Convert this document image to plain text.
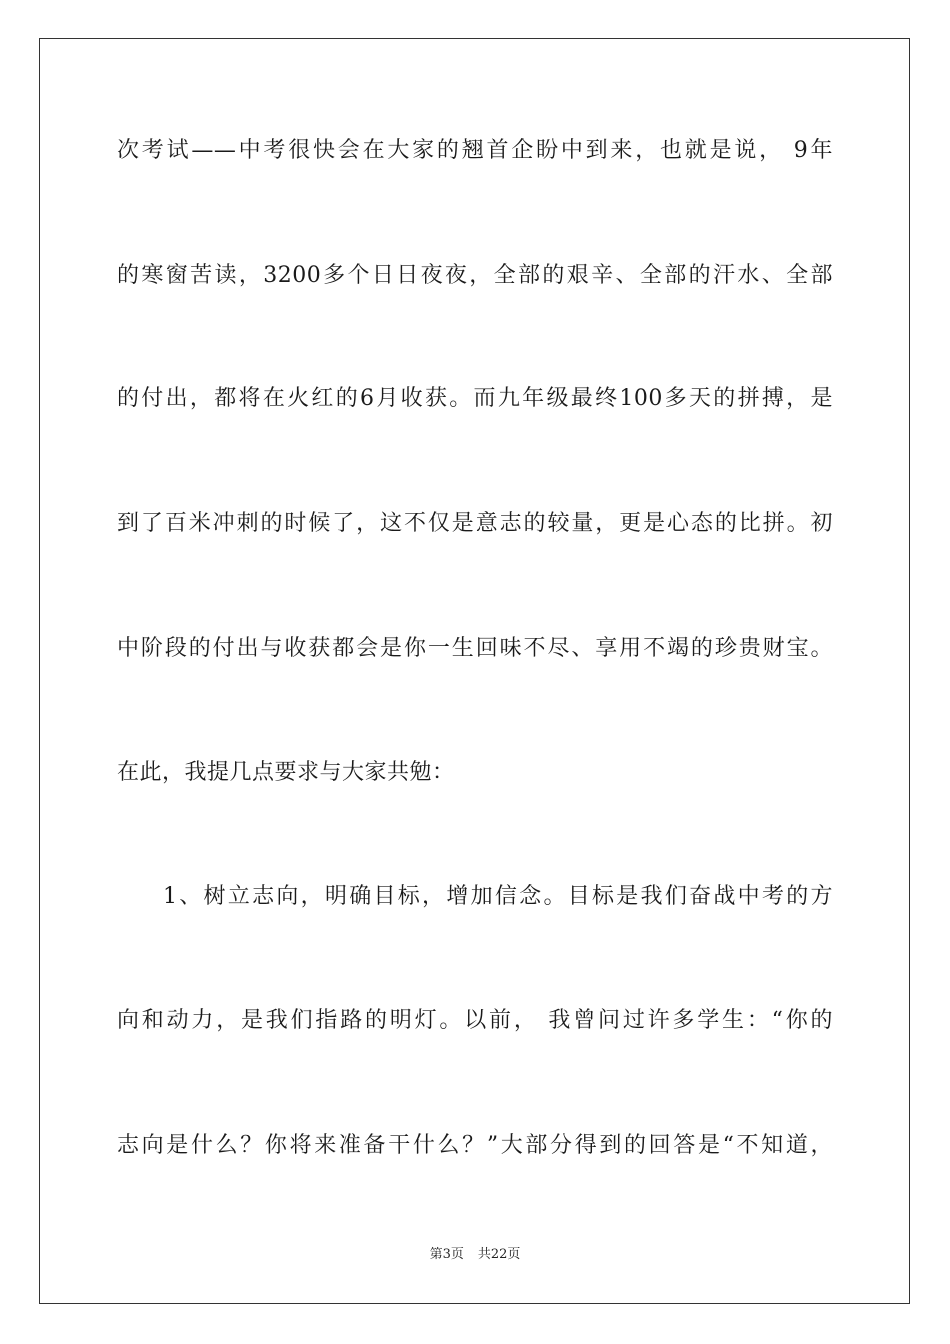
次考试——中考很快会在大家的翘首企盼中到来，也就是说， 9年
的寒窗苦读，3200多个日日夜夜，全部的艰辛、全部的汗水、全部
的付出，都将在火红的6月收获。而九年级最终100多天的拼搏，是
到了百米冲刺的时候了，这不仅是意志的较量，更是心态的比拼。初
中阶段的付出与收获都会是你一生回味不尽、享用不竭的珍贵财宝。
在此，我提几点要求与大家共勉：
1、树立志向，明确目标，增加信念。目标是我们奋战中考的方
向和动力，是我们指路的明灯。以前， 我曾问过许多学生：“你的
志向是什么？你将来准备干什么？”大部分得到的回答是“不知道，
第3页 共22页
